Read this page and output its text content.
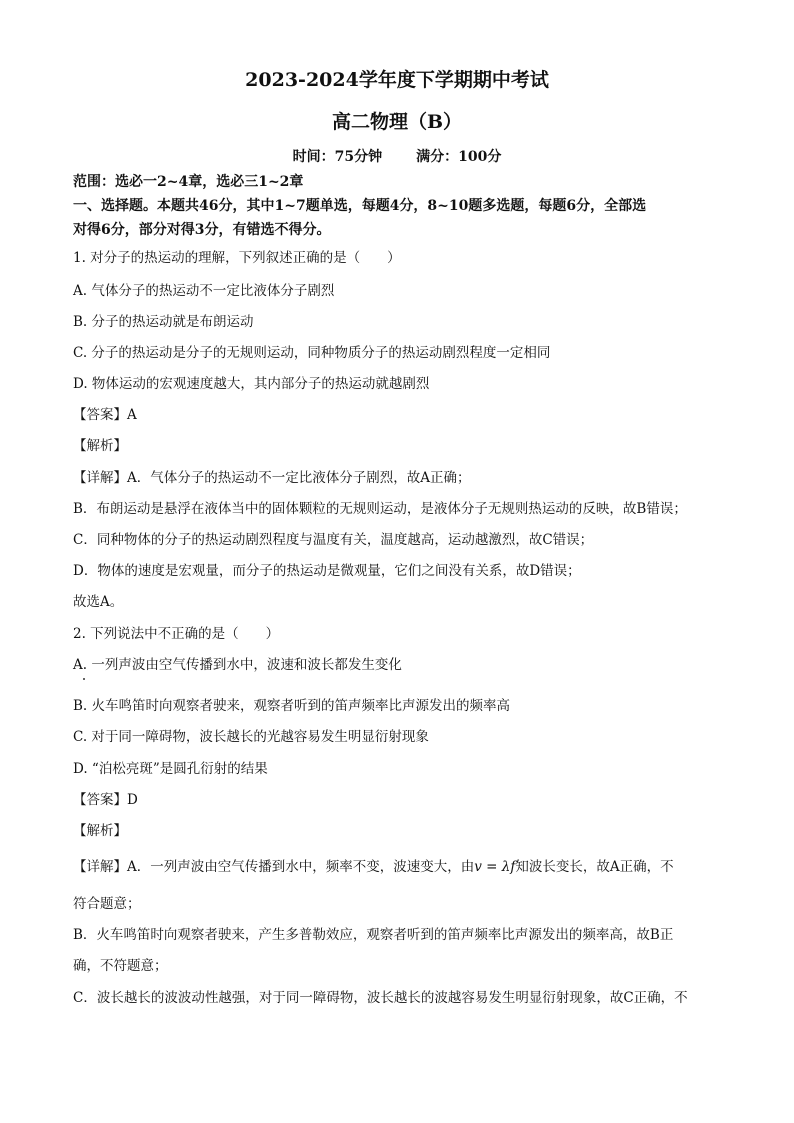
2023-2024学年度下学期期中考试
高二物理（B）
时间：75分钟 满分：100分
范围：选必一2~4章，选必三1~2章
一、选择题。本题共46分，其中1~7题单选，每题4分，8~10题多选题，每题6分，全部选
对得6分，部分对得3分，有错选不得分。
1. 对分子的热运动的理解，下列叙述正确的是（　　）
A. 气体分子的热运动不一定比液体分子剧烈
B. 分子的热运动就是布朗运动
C. 分子的热运动是分子的无规则运动，同种物质分子的热运动剧烈程度一定相同
D. 物体运动的宏观速度越大，其内部分子的热运动就越剧烈
【答案】A
【解析】
【详解】A．气体分子的热运动不一定比液体分子剧烈，故A正确；
B．布朗运动是悬浮在液体当中的固体颗粒的无规则运动，是液体分子无规则热运动的反映，故B错误；
C．同种物体的分子的热运动剧烈程度与温度有关，温度越高，运动越激烈，故C错误；
D．物体的速度是宏观量，而分子的热运动是微观量，它们之间没有关系，故D错误；
故选A。
2. 下列说法中不正确的是（　　）
A. 一列声波由空气传播到水中，波速和波长都发生变化
B. 火车鸣笛时向观察者驶来，观察者听到的笛声频率比声源发出的频率高
C. 对于同一障碍物，波长越长的光越容易发生明显衍射现象
D. “泊松亮斑”是圆孔衍射的结果
【答案】D
【解析】
【详解】A．一列声波由空气传播到水中，频率不变，波速变大，由v = λf知波长变长，故A正确，不
符合题意；
B．火车鸣笛时向观察者驶来，产生多普勒效应，观察者听到的笛声频率比声源发出的频率高，故B正
确，不符题意；
C．波长越长的波波动性越强，对于同一障碍物，波长越长的波越容易发生明显衍射现象，故C正确，不
